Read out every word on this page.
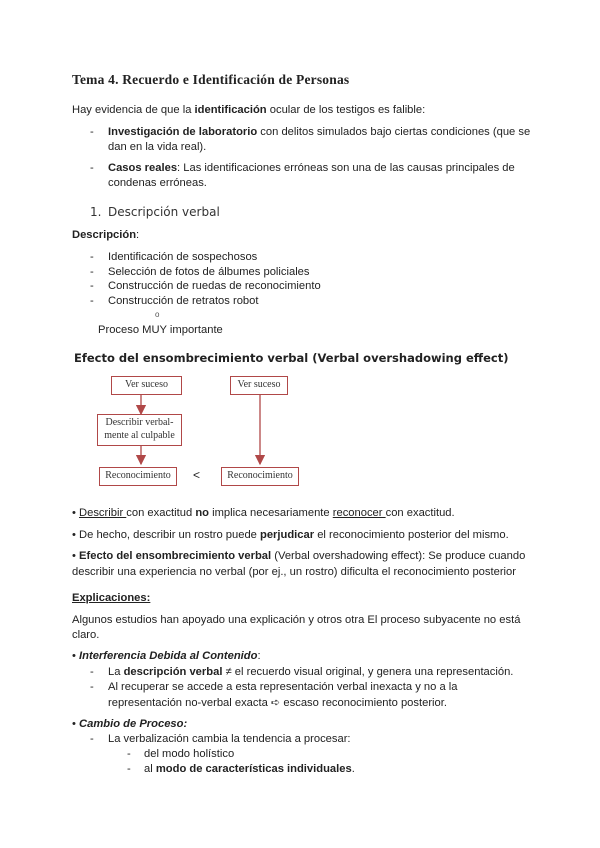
Tema 4. Recuerdo e Identificación de Personas
Hay evidencia de que la identificación ocular de los testigos es falible:
- Investigación de laboratorio con delitos simulados bajo ciertas condiciones (que se
dan en la vida real).
- Casos reales: Las identificaciones erróneas son una de las causas principales de
condenas erróneas.
1. Descripción verbal
Descripción:
- Identificación de sospechosos
- Selección de fotos de álbumes policiales
- Construcción de ruedas de reconocimiento
- Construcción de retratos robot
o
Proceso MUY importante
Efecto del ensombrecimiento verbal (Verbal overshadowing effect)
Ver suceso
Describir verbal-
mente al culpable
Reconocimiento	<
Ver suceso
Reconocimiento
• Describir con exactitud no implica necesariamente reconocer con exactitud.
• De hecho, describir un rostro puede perjudicar el reconocimiento posterior del mismo.
• Efecto del ensombrecimiento verbal (Verbal overshadowing effect): Se produce cuando
describir una experiencia no verbal (por ej., un rostro) dificulta el reconocimiento posterior
Explicaciones:
Algunos estudios han apoyado una explicación y otros otra El proceso subyacente no está
claro.
• Interferencia Debida al Contenido:
- La descripción verbal ≠ el recuerdo visual original, y genera una representación.
- Al recuperar se accede a esta representación verbal inexacta y no a la
representación no-verbal exacta ➪ escaso reconocimiento posterior.
• Cambio de Proceso:
- La verbalización cambia la tendencia a procesar:
- del modo holístico
- al modo de características individuales.
